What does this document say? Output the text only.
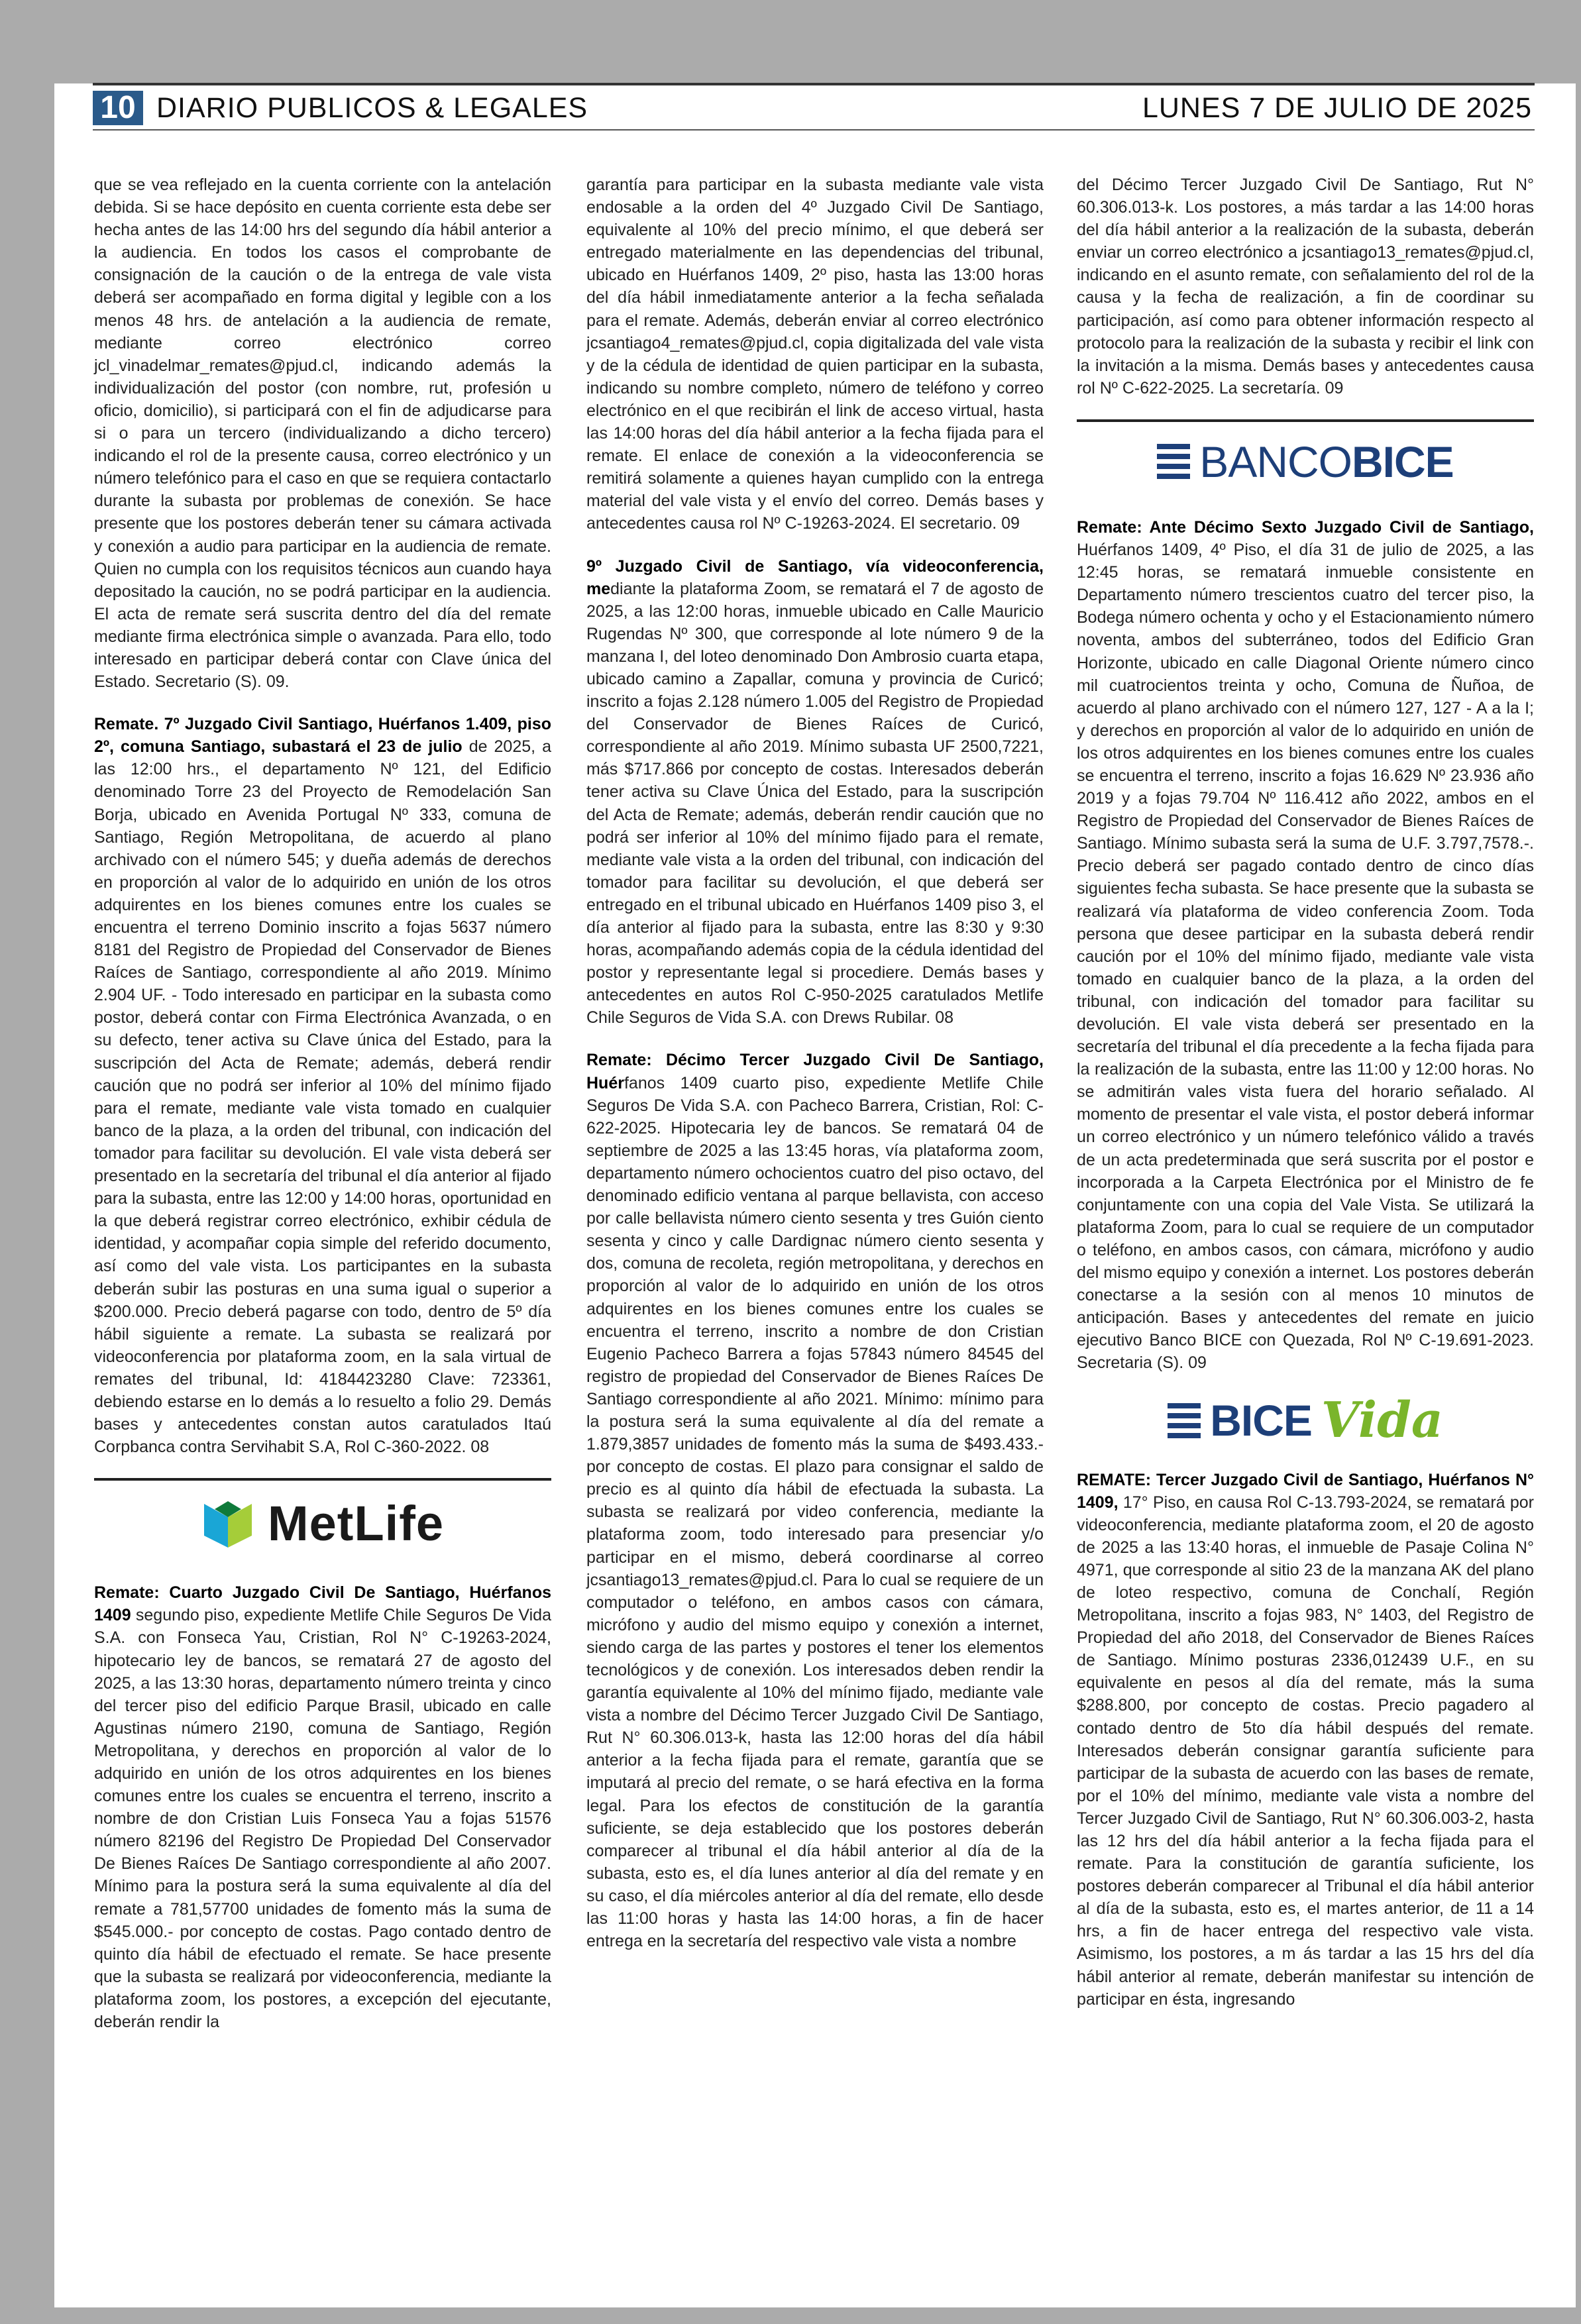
10 DIARIO PUBLICOS & LEGALES	LUNES 7 DE JULIO DE 2025

que se vea reflejado en la cuenta corriente con la antelación debida. Si se hace depósito en cuenta corriente esta debe ser hecha antes de las 14:00 hrs del segundo día hábil anterior a la audiencia. En todos los casos el comprobante de consignación de la caución o de la entrega de vale vista deberá ser acompañado en forma digital y legible con a los menos 48 hrs. de antelación a la audiencia de remate, mediante correo electrónico correo jcl_vinadelmar_remates@pjud.cl, indicando además la individualización del postor (con nombre, rut, profesión u oficio, domicilio), si participará con el fin de adjudicarse para si o para un tercero (individualizando a dicho tercero) indicando el rol de la presente causa, correo electrónico y un número telefónico para el caso en que se requiera contactarlo durante la subasta por problemas de conexión. Se hace presente que los postores deberán tener su cámara activada y conexión a audio para participar en la audiencia de remate. Quien no cumpla con los requisitos técnicos aun cuando haya depositado la caución, no se podrá participar en la audiencia. El acta de remate será suscrita dentro del día del remate mediante firma electrónica simple o avanzada. Para ello, todo interesado en participar deberá contar con Clave única del Estado. Secretario (S). 09.

Remate. 7º Juzgado Civil Santiago, Huérfanos 1.409, piso 2º, comuna Santiago, subastará el 23 de julio de 2025, a las 12:00 hrs., el departamento Nº 121, del Edificio denominado Torre 23 del Proyecto de Remodelación San Borja, ubicado en Avenida Portugal Nº 333, comuna de Santiago, Región Metropolitana, de acuerdo al plano archivado con el número 545; y dueña además de derechos en proporción al valor de lo adquirido en unión de los otros adquirentes en los bienes comunes entre los cuales se encuentra el terreno Dominio inscrito a fojas 5637 número 8181 del Registro de Propiedad del Conservador de Bienes Raíces de Santiago, correspondiente al año 2019. Mínimo 2.904 UF. - Todo interesado en participar en la subasta como postor, deberá contar con Firma Electrónica Avanzada, o en su defecto, tener activa su Clave única del Estado, para la suscripción del Acta de Remate; además, deberá rendir caución que no podrá ser inferior al 10% del mínimo fijado para el remate, mediante vale vista tomado en cualquier banco de la plaza, a la orden del tribunal, con indicación del tomador para facilitar su devolución. El vale vista deberá ser presentado en la secretaría del tribunal el día anterior al fijado para la subasta, entre las 12:00 y 14:00 horas, oportunidad en la que deberá registrar correo electrónico, exhibir cédula de identidad, y acompañar copia simple del referido documento, así como del vale vista. Los participantes en la subasta deberán subir las posturas en una suma igual o superior a $200.000. Precio deberá pagarse con todo, dentro de 5º día hábil siguiente a remate. La subasta se realizará por videoconferencia por plataforma zoom, en la sala virtual de remates del tribunal, Id: 4184423280 Clave: 723361, debiendo estarse en lo demás a lo resuelto a folio 29. Demás bases y antecedentes constan autos caratulados Itaú Corpbanca contra Servihabit S.A, Rol C-360-2022. 08

MetLife

Remate: Cuarto Juzgado Civil De Santiago, Huérfanos 1409 segundo piso, expediente Metlife Chile Seguros De Vida S.A. con Fonseca Yau, Cristian, Rol N° C-19263-2024, hipotecario ley de bancos, se rematará 27 de agosto del 2025, a las 13:30 horas, departamento número treinta y cinco del tercer piso del edificio Parque Brasil, ubicado en calle Agustinas número 2190, comuna de Santiago, Región Metropolitana, y derechos en proporción al valor de lo adquirido en unión de los otros adquirentes en los bienes comunes entre los cuales se encuentra el terreno, inscrito a nombre de don Cristian Luis Fonseca Yau a fojas 51576 número 82196 del Registro De Propiedad Del Conservador De Bienes Raíces De Santiago correspondiente al año 2007. Mínimo para la postura será la suma equivalente al día del remate a 781,57700 unidades de fomento más la suma de $545.000.- por concepto de costas. Pago contado dentro de quinto día hábil de efectuado el remate. Se hace presente que la subasta se realizará por videoconferencia, mediante la plataforma zoom, los postores, a excepción del ejecutante, deberán rendir la

garantía para participar en la subasta mediante vale vista endosable a la orden del 4º Juzgado Civil De Santiago, equivalente al 10% del precio mínimo, el que deberá ser entregado materialmente en las dependencias del tribunal, ubicado en Huérfanos 1409, 2º piso, hasta las 13:00 horas del día hábil inmediatamente anterior a la fecha señalada para el remate. Además, deberán enviar al correo electrónico jcsantiago4_remates@pjud.cl, copia digitalizada del vale vista y de la cédula de identidad de quien participar en la subasta, indicando su nombre completo, número de teléfono y correo electrónico en el que recibirán el link de acceso virtual, hasta las 14:00 horas del día hábil anterior a la fecha fijada para el remate. El enlace de conexión a la videoconferencia se remitirá solamente a quienes hayan cumplido con la entrega material del vale vista y el envío del correo. Demás bases y antecedentes causa rol Nº C-19263-2024. El secretario. 09

9º Juzgado Civil de Santiago, vía videoconferencia, mediante la plataforma Zoom, se rematará el 7 de agosto de 2025, a las 12:00 horas, inmueble ubicado en Calle Mauricio Rugendas Nº 300, que corresponde al lote número 9 de la manzana I, del loteo denominado Don Ambrosio cuarta etapa, ubicado camino a Zapallar, comuna y provincia de Curicó; inscrito a fojas 2.128 número 1.005 del Registro de Propiedad del Conservador de Bienes Raíces de Curicó, correspondiente al año 2019. Mínimo subasta UF 2500,7221, más $717.866 por concepto de costas. Interesados deberán tener activa su Clave Única del Estado, para la suscripción del Acta de Remate; además, deberán rendir caución que no podrá ser inferior al 10% del mínimo fijado para el remate, mediante vale vista a la orden del tribunal, con indicación del tomador para facilitar su devolución, el que deberá ser entregado en el tribunal ubicado en Huérfanos 1409 piso 3, el día anterior al fijado para la subasta, entre las 8:30 y 9:30 horas, acompañando además copia de la cédula identidad del postor y representante legal si procediere. Demás bases y antecedentes en autos Rol C-950-2025 caratulados Metlife Chile Seguros de Vida S.A. con Drews Rubilar. 08

Remate: Décimo Tercer Juzgado Civil De Santiago, Huérfanos 1409 cuarto piso, expediente Metlife Chile Seguros De Vida S.A. con Pacheco Barrera, Cristian, Rol: C-622-2025. Hipotecaria ley de bancos. Se rematará 04 de septiembre de 2025 a las 13:45 horas, vía plataforma zoom, departamento número ochocientos cuatro del piso octavo, del denominado edificio ventana al parque bellavista, con acceso por calle bellavista número ciento sesenta y tres Guión ciento sesenta y cinco y calle Dardignac número ciento sesenta y dos, comuna de recoleta, región metropolitana, y derechos en proporción al valor de lo adquirido en unión de los otros adquirentes en los bienes comunes entre los cuales se encuentra el terreno, inscrito a nombre de don Cristian Eugenio Pacheco Barrera a fojas 57843 número 84545 del registro de propiedad del Conservador de Bienes Raíces De Santiago correspondiente al año 2021. Mínimo: mínimo para la postura será la suma equivalente al día del remate a 1.879,3857 unidades de fomento más la suma de $493.433.- por concepto de costas. El plazo para consignar el saldo de precio es al quinto día hábil de efectuada la subasta. La subasta se realizará por video conferencia, mediante la plataforma zoom, todo interesado para presenciar y/o participar en el mismo, deberá coordinarse al correo jcsantiago13_remates@pjud.cl. Para lo cual se requiere de un computador o teléfono, en ambos casos con cámara, micrófono y audio del mismo equipo y conexión a internet, siendo carga de las partes y postores el tener los elementos tecnológicos y de conexión. Los interesados deben rendir la garantía equivalente al 10% del mínimo fijado, mediante vale vista a nombre del Décimo Tercer Juzgado Civil De Santiago, Rut N° 60.306.013-k, hasta las 12:00 horas del día hábil anterior a la fecha fijada para el remate, garantía que se imputará al precio del remate, o se hará efectiva en la forma legal. Para los efectos de constitución de la garantía suficiente, se deja establecido que los postores deberán comparecer al tribunal el día hábil anterior al día de la subasta, esto es, el día lunes anterior al día del remate y en su caso, el día miércoles anterior al día del remate, ello desde las 11:00 horas y hasta las 14:00 horas, a fin de hacer entrega en la secretaría del respectivo vale vista a nombre

del Décimo Tercer Juzgado Civil De Santiago, Rut N° 60.306.013-k. Los postores, a más tardar a las 14:00 horas del día hábil anterior a la realización de la subasta, deberán enviar un correo electrónico a jcsantiago13_remates@pjud.cl, indicando en el asunto remate, con señalamiento del rol de la causa y la fecha de realización, a fin de coordinar su participación, así como para obtener información respecto al protocolo para la realización de la subasta y recibir el link con la invitación a la misma. Demás bases y antecedentes causa rol Nº C-622-2025. La secretaría. 09

BANCOBICE

Remate: Ante Décimo Sexto Juzgado Civil de Santiago, Huérfanos 1409, 4º Piso, el día 31 de julio de 2025, a las 12:45 horas, se rematará inmueble consistente en Departamento número trescientos cuatro del tercer piso, la Bodega número ochenta y ocho y el Estacionamiento número noventa, ambos del subterráneo, todos del Edificio Gran Horizonte, ubicado en calle Diagonal Oriente número cinco mil cuatrocientos treinta y ocho, Comuna de Ñuñoa, de acuerdo al plano archivado con el número 127, 127 - A a la I; y derechos en proporción al valor de lo adquirido en unión de los otros adquirentes en los bienes comunes entre los cuales se encuentra el terreno, inscrito a fojas 16.629 Nº 23.936 año 2019 y a fojas 79.704 Nº 116.412 año 2022, ambos en el Registro de Propiedad del Conservador de Bienes Raíces de Santiago. Mínimo subasta será la suma de U.F. 3.797,7578.-. Precio deberá ser pagado contado dentro de cinco días siguientes fecha subasta. Se hace presente que la subasta se realizará vía plataforma de video conferencia Zoom. Toda persona que desee participar en la subasta deberá rendir caución por el 10% del mínimo fijado, mediante vale vista tomado en cualquier banco de la plaza, a la orden del tribunal, con indicación del tomador para facilitar su devolución. El vale vista deberá ser presentado en la secretaría del tribunal el día precedente a la fecha fijada para la realización de la subasta, entre las 11:00 y 12:00 horas. No se admitirán vales vista fuera del horario señalado. Al momento de presentar el vale vista, el postor deberá informar un correo electrónico y un número telefónico válido a través de un acta predeterminada que será suscrita por el postor e incorporada a la Carpeta Electrónica por el Ministro de fe conjuntamente con una copia del Vale Vista. Se utilizará la plataforma Zoom, para lo cual se requiere de un computador o teléfono, en ambos casos, con cámara, micrófono y audio del mismo equipo y conexión a internet. Los postores deberán conectarse a la sesión con al menos 10 minutos de anticipación. Bases y antecedentes del remate en juicio ejecutivo Banco BICE con Quezada, Rol Nº C-19.691-2023. Secretaria (S). 09

BICE Vida

REMATE: Tercer Juzgado Civil de Santiago, Huérfanos N° 1409, 17° Piso, en causa Rol C-13.793-2024, se rematará por videoconferencia, mediante plataforma zoom, el 20 de agosto de 2025 a las 13:40 horas, el inmueble de Pasaje Colina N° 4971, que corresponde al sitio 23 de la manzana AK del plano de loteo respectivo, comuna de Conchalí, Región Metropolitana, inscrito a fojas 983, N° 1403, del Registro de Propiedad del año 2018, del Conservador de Bienes Raíces de Santiago. Mínimo posturas 2336,012439 U.F., en su equivalente en pesos al día del remate, más la suma $288.800, por concepto de costas. Precio pagadero al contado dentro de 5to día hábil después del remate. Interesados deberán consignar garantía suficiente para participar de la subasta de acuerdo con las bases de remate, por el 10% del mínimo, mediante vale vista a nombre del Tercer Juzgado Civil de Santiago, Rut N° 60.306.003-2, hasta las 12 hrs del día hábil anterior a la fecha fijada para el remate. Para la constitución de garantía suficiente, los postores deberán comparecer al Tribunal el día hábil anterior al día de la subasta, esto es, el martes anterior, de 11 a 14 hrs, a fin de hacer entrega del respectivo vale vista. Asimismo, los postores, a m ás tardar a las 15 hrs del día hábil anterior al remate, deberán manifestar su intención de participar en ésta, ingresando
